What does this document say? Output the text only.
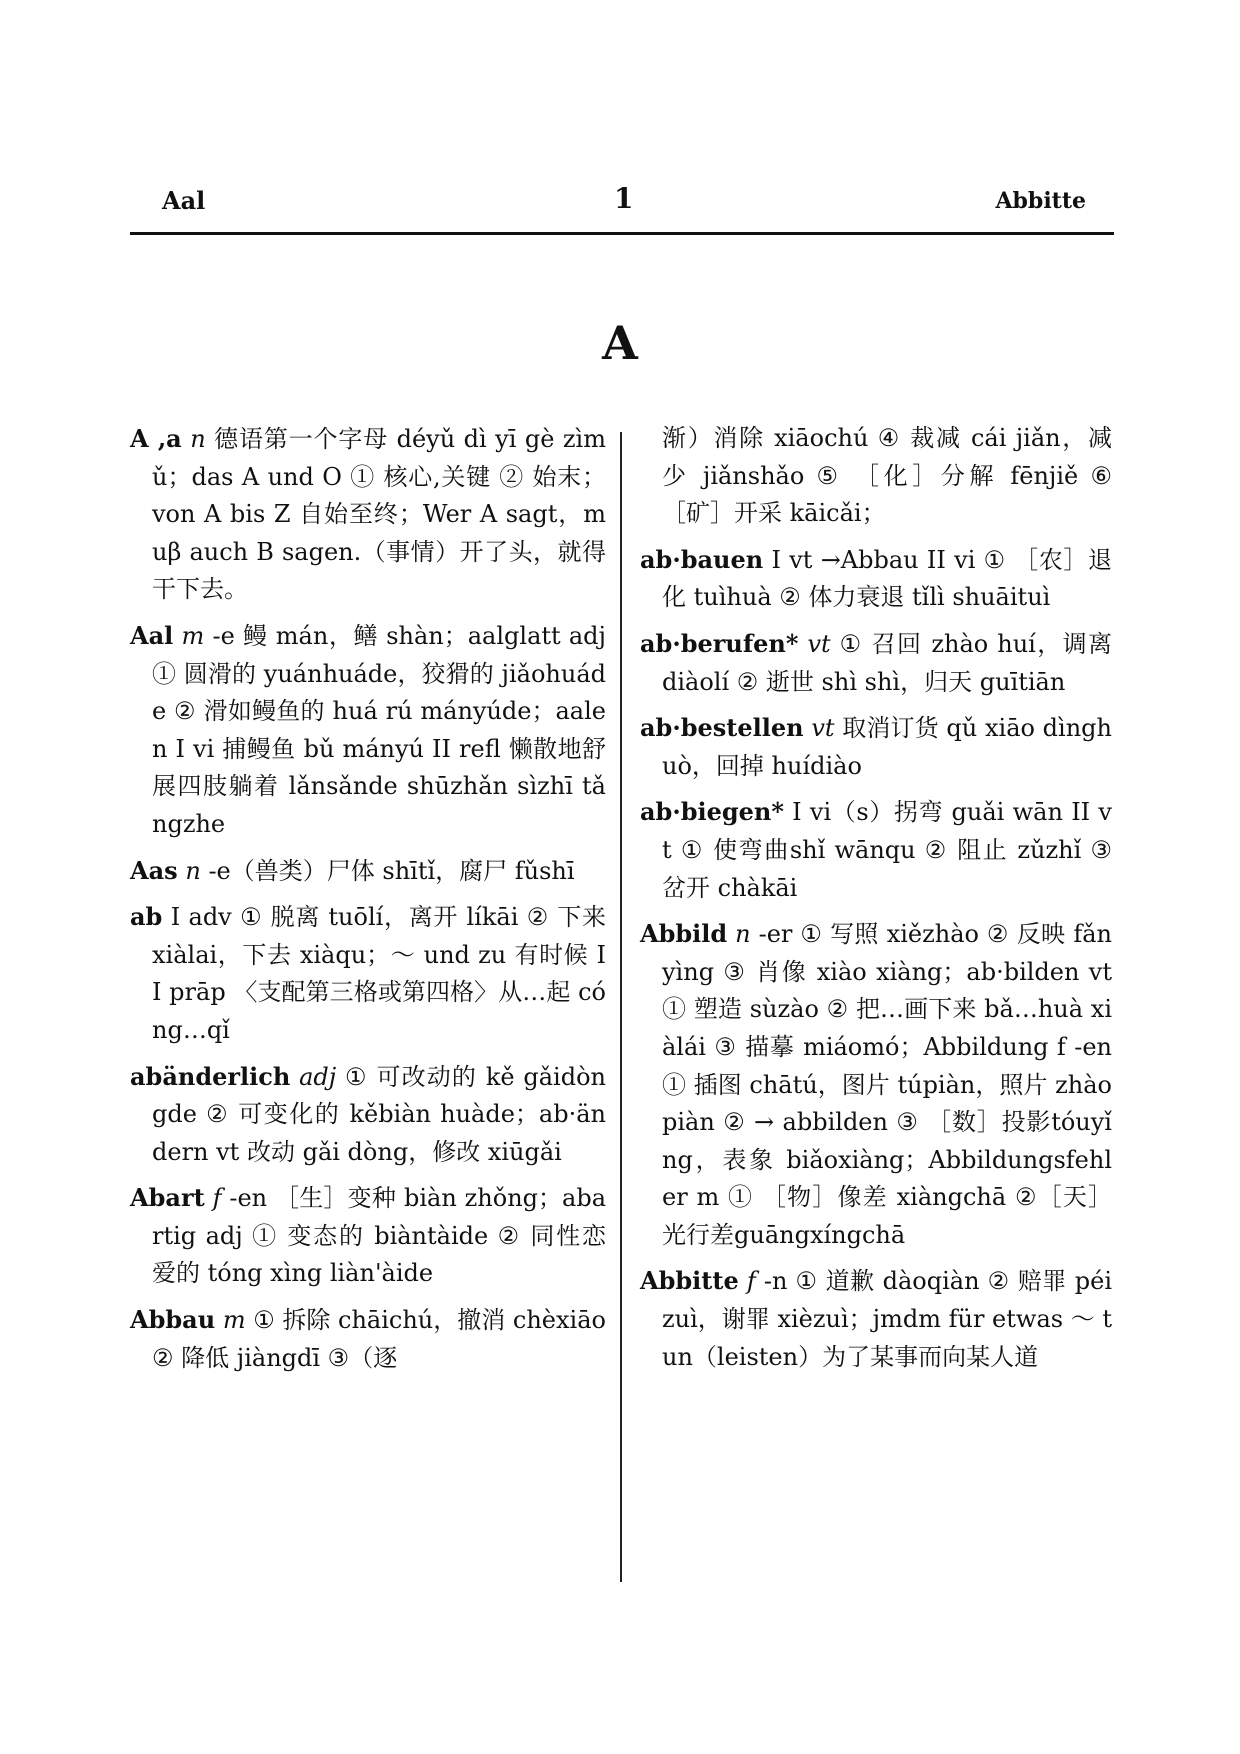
Aal	1	Abbitte
A

A ,a n 德语第一个字母 déyǔ dì yī gè zìmǔ；das A und O ① 核心,关键 ② 始末；von A bis Z 自始至终；Wer A sagt，muβ auch B sagen.（事情）开了头，就得干下去。

Aal m -e 鳗 mán，鳝 shàn；aalglatt adj ① 圆滑的 yuánhuáde，狡猾的 jiǎohuáde ② 滑如鳗鱼的 huá rú mányúde；aalen I vi 捕鳗鱼 bǔ mányú II refl 懒散地舒展四肢躺着 lǎnsǎnde shūzhǎn sìzhī tǎngzhe

Aas n -e（兽类）尸体 shītǐ，腐尸 fǔshī

ab I adv ① 脱离 tuōlí，离开 líkāi ② 下来 xiàlai，下去 xiàqu；～ und zu 有时候 II prāp 〈支配第三格或第四格〉从…起 cóng…qǐ

abänderlich adj ① 可改动的 kě gǎidòngde ② 可变化的 kěbiàn huàde；ab·ändern vt 改动 gǎi dòng，修改 xiūgǎi

Abart f -en ［生］变种 biàn zhǒng；abartig adj ① 变态的 biàntàide ② 同性恋爱的 tóng xìng liàn'àide

Abbau m ① 拆除 chāichú，撤消 chèxiāo ② 降低 jiàngdī ③（逐

渐）消除 xiāochú ④ 裁减 cái jiǎn，减少 jiǎnshǎo ⑤ ［化］分解 fēnjiě ⑥ ［矿］开采 kāicǎi；

ab·bauen I vt →Abbau II vi ① ［农］退化 tuìhuà ② 体力衰退 tǐlì shuāituì

ab·berufen* vt ① 召回 zhào huí，调离 diàolí ② 逝世 shì shì，归天 guītiān

ab·bestellen vt 取消订货 qǔ xiāo dìnghuò，回掉 huídiào

ab·biegen* I vi（s）拐弯 guǎi wān II vt ① 使弯曲shǐ wānqu ② 阻止 zǔzhǐ ③ 岔开 chàkāi

Abbild n -er ① 写照 xiězhào ② 反映 fǎnyìng ③ 肖像 xiào xiàng；ab·bilden vt ① 塑造 sùzào ② 把…画下来 bǎ…huà xiàlái ③ 描摹 miáomó；Abbildung f -en ① 插图 chātú，图片 túpiàn，照片 zhàopiàn ② → abbilden ③ ［数］投影tóuyǐng，表象 biǎoxiàng；Abbildungsfehler m ① ［物］像差 xiàngchā ②［天］光行差guāngxíngchā

Abbitte f -n ① 道歉 dàoqiàn ② 赔罪 péizuì，谢罪 xièzuì；jmdm für etwas ～ tun（leisten）为了某事而向某人道
